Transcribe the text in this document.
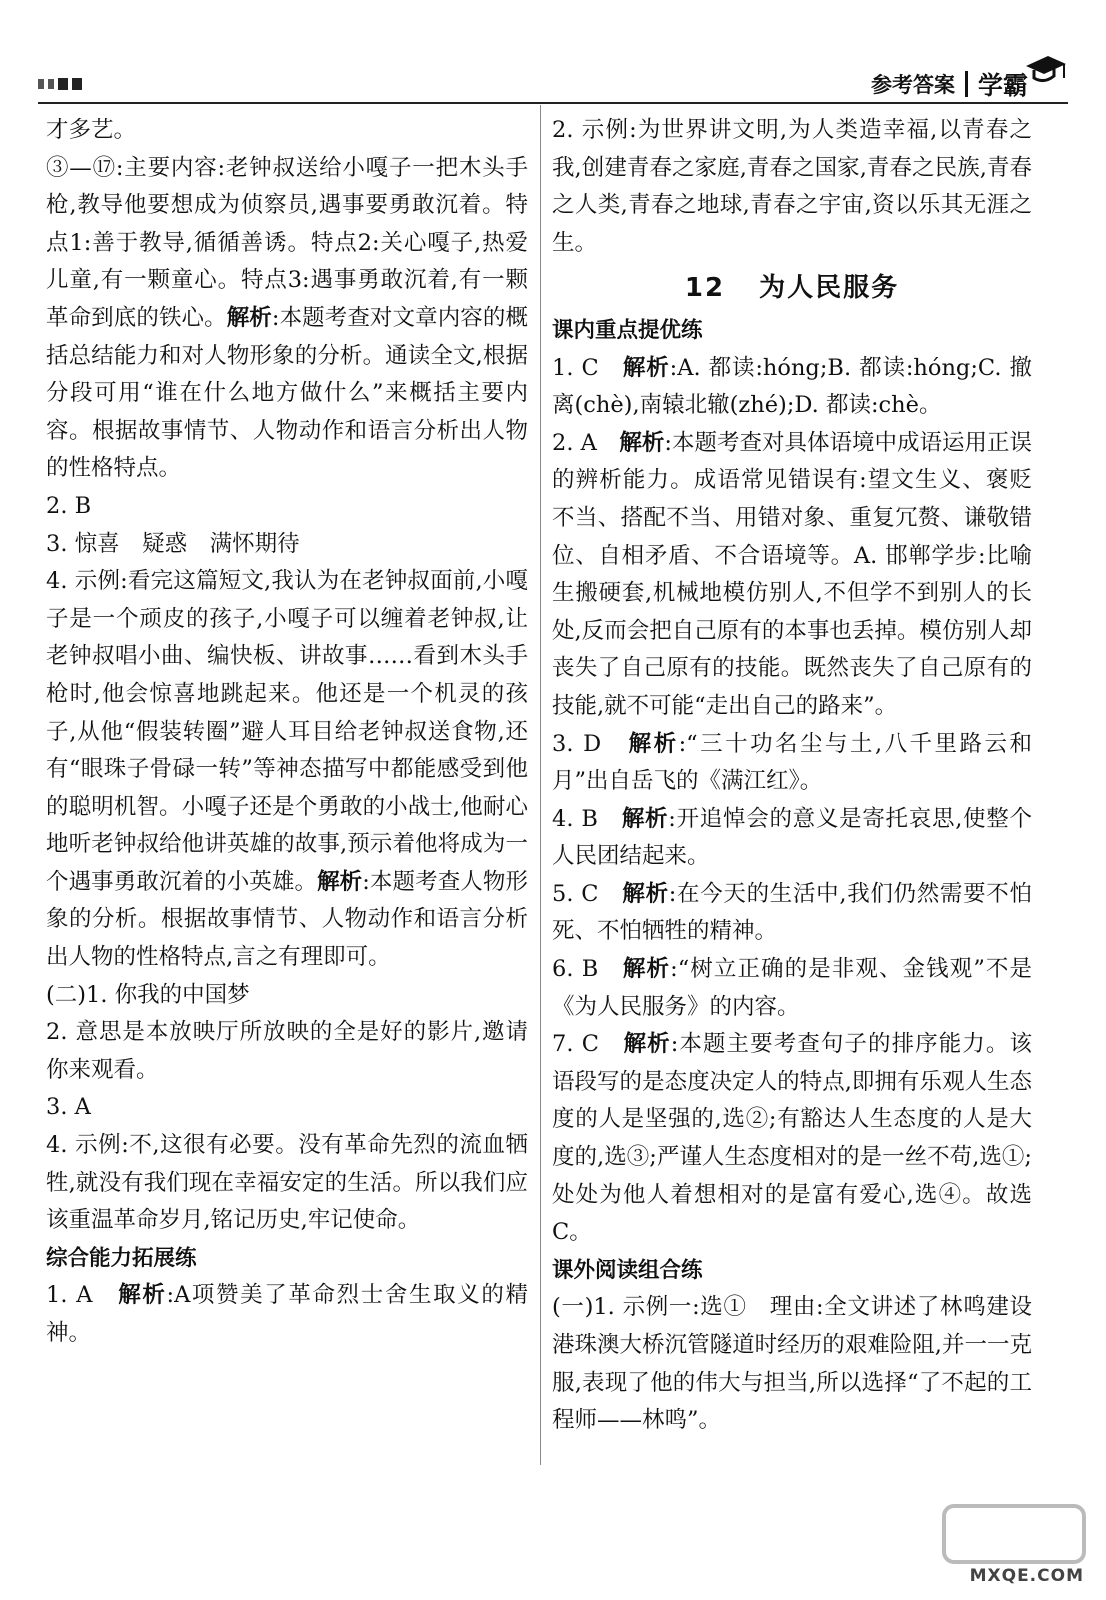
参考答案 学霸

才多艺。

③—⑰:主要内容:老钟叔送给小嘎子一把木头手枪,教导他要想成为侦察员,遇事要勇敢沉着。特点1:善于教导,循循善诱。特点2:关心嘎子,热爱儿童,有一颗童心。特点3:遇事勇敢沉着,有一颗革命到底的铁心。解析:本题考查对文章内容的概括总结能力和对人物形象的分析。通读全文,根据分段可用“谁在什么地方做什么”来概括主要内容。根据故事情节、人物动作和语言分析出人物的性格特点。

2. B

3. 惊喜　疑惑　满怀期待

4. 示例:看完这篇短文,我认为在老钟叔面前,小嘎子是一个顽皮的孩子,小嘎子可以缠着老钟叔,让老钟叔唱小曲、编快板、讲故事……看到木头手枪时,他会惊喜地跳起来。他还是一个机灵的孩子,从他“假装转圈”避人耳目给老钟叔送食物,还有“眼珠子骨碌一转”等神态描写中都能感受到他的聪明机智。小嘎子还是个勇敢的小战士,他耐心地听老钟叔给他讲英雄的故事,预示着他将成为一个遇事勇敢沉着的小英雄。解析:本题考查人物形象的分析。根据故事情节、人物动作和语言分析出人物的性格特点,言之有理即可。

(二)1. 你我的中国梦

2. 意思是本放映厅所放映的全是好的影片,邀请你来观看。

3. A

4. 示例:不,这很有必要。没有革命先烈的流血牺牲,就没有我们现在幸福安定的生活。所以我们应该重温革命岁月,铭记历史,牢记使命。

综合能力拓展练

1. A　解析:A项赞美了革命烈士舍生取义的精神。

2. 示例:为世界讲文明,为人类造幸福,以青春之我,创建青春之家庭,青春之国家,青春之民族,青春之人类,青春之地球,青春之宇宙,资以乐其无涯之生。

12 为人民服务

课内重点提优练

1. C　解析:A. 都读:hóng;B. 都读:hóng;C. 撤离(chè),南辕北辙(zhé);D. 都读:chè。

2. A　解析:本题考查对具体语境中成语运用正误的辨析能力。成语常见错误有:望文生义、褒贬不当、搭配不当、用错对象、重复冗赘、谦敬错位、自相矛盾、不合语境等。A. 邯郸学步:比喻生搬硬套,机械地模仿别人,不但学不到别人的长处,反而会把自己原有的本事也丢掉。模仿别人却丧失了自己原有的技能。既然丧失了自己原有的技能,就不可能“走出自己的路来”。

3. D　解析:“三十功名尘与土,八千里路云和月”出自岳飞的《满江红》。

4. B　解析:开追悼会的意义是寄托哀思,使整个人民团结起来。

5. C　解析:在今天的生活中,我们仍然需要不怕死、不怕牺牲的精神。

6. B　解析:“树立正确的是非观、金钱观”不是《为人民服务》的内容。

7. C　解析:本题主要考查句子的排序能力。该语段写的是态度决定人的特点,即拥有乐观人生态度的人是坚强的,选②;有豁达人生态度的人是大度的,选③;严谨人生态度相对的是一丝不苟,选①;处处为他人着想相对的是富有爱心,选④。故选C。

课外阅读组合练

(一)1. 示例一:选①　理由:全文讲述了林鸣建设港珠澳大桥沉管隧道时经历的艰难险阻,并一一克服,表现了他的伟大与担当,所以选择“了不起的工程师——林鸣”。

MXQE.COM
